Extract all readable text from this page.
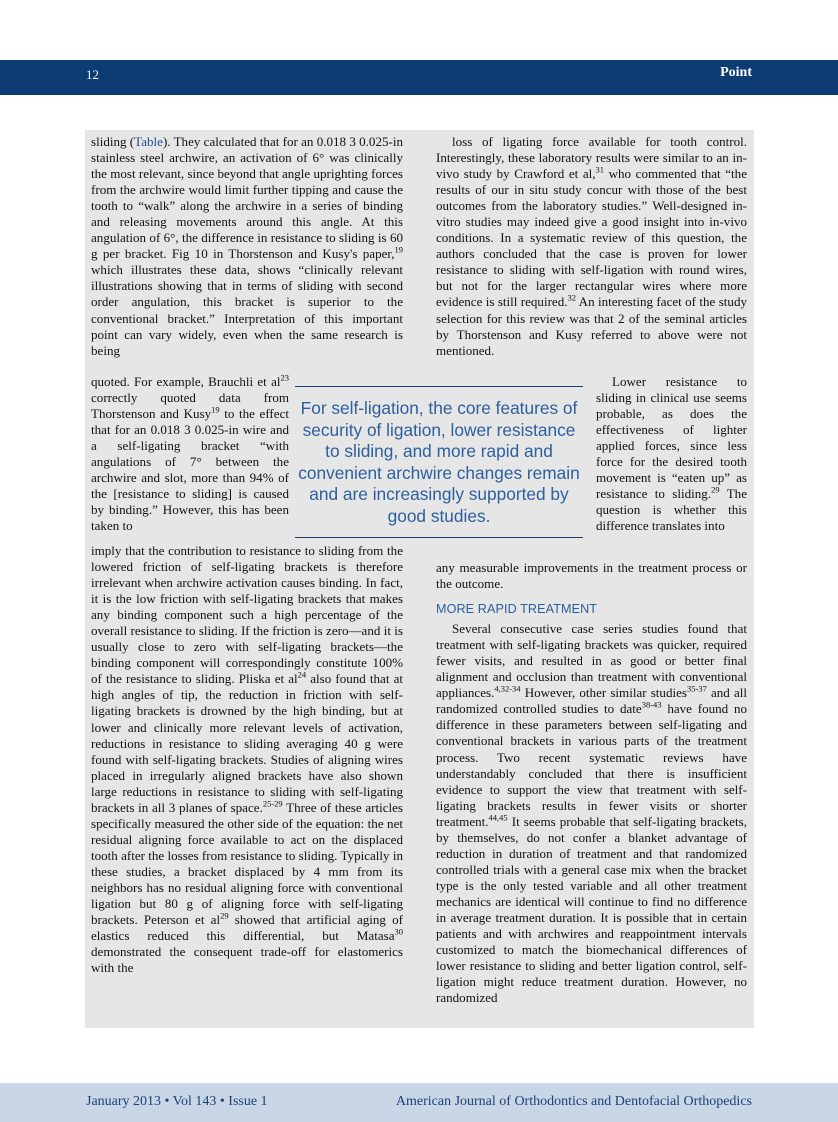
12	Point

sliding (Table). They calculated that for an 0.018 3 0.025-in stainless steel archwire, an activation of 6° was clinically the most relevant, since beyond that angle uprighting forces from the archwire would limit further tipping and cause the tooth to “walk” along the archwire in a series of binding and releasing movements around this angle. At this angulation of 6°, the difference in resistance to sliding is 60 g per bracket. Fig 10 in Thorstenson and Kusy's paper,$^{19}$ which illustrates these data, shows “clinically relevant illustrations showing that in terms of sliding with second order angulation, this bracket is superior to the conventional bracket.” Interpretation of this important point can vary widely, even when the same research is being

quoted. For example, Brauchli et $al^{23}$ correctly quoted data from Thorstenson and Kusy$^{19}$ to the effect that for an 0.018 3 0.025-in wire and a self-ligating bracket “with angulations of 7° between the archwire and slot, more than 94% of the [resistance to sliding] is caused by binding.” However, this has been taken to

imply that the contribution to resistance to sliding from the lowered friction of self-ligating brackets is therefore irrelevant when archwire activation causes binding. In fact, it is the low friction with self-ligating brackets that makes any binding component such a high percentage of the overall resistance to sliding. If the friction is zero—and it is usually close to zero with self-ligating brackets—the binding component will correspondingly constitute 100% of the resistance to sliding. Pliska et $al^{24}$ also found that at high angles of tip, the reduction in friction with self-ligating brackets is drowned by the high binding, but at lower and clinically more relevant levels of activation, reductions in resistance to sliding averaging 40 g were found with self-ligating brackets. Studies of aligning wires placed in irregularly aligned brackets have also shown large reductions in resistance to sliding with self-ligating brackets in all 3 planes of space.$^{25-29}$ Three of these articles specifically measured the other side of the equation: the net residual aligning force available to act on the displaced tooth after the losses from resistance to sliding. Typically in these studies, a bracket displaced by 4 mm from its neighbors has no residual aligning force with conventional ligation but 80 g of aligning force with self-ligating brackets. Peterson et $al^{29}$ showed that artificial aging of elastics reduced this differential, but Matasa$^{30}$ demonstrated the consequent trade-off for elastomerics with the

loss of ligating force available for tooth control. Interestingly, these laboratory results were similar to an in-vivo study by Crawford et al,$^{31}$ who commented that “the results of our in situ study concur with those of the best outcomes from the laboratory studies.” Well-designed in-vitro studies may indeed give a good insight into in-vivo conditions. In a systematic review of this question, the authors concluded that the case is proven for lower resistance to sliding with self-ligation with round wires, but not for the larger rectangular wires where more evidence is still required.$^{32}$ An interesting facet of the study selection for this review was that 2 of the seminal articles by Thorstenson and Kusy referred to above were not mentioned.

Lower resistance to sliding in clinical use seems probable, as does the effectiveness of lighter applied forces, since less force for the desired tooth movement is “eaten up” as resistance to sliding.$^{29}$ The question is whether this difference translates into

any measurable improvements in the treatment process or the outcome.

MORE RAPID TREATMENT

Several consecutive case series studies found that treatment with self-ligating brackets was quicker, required fewer visits, and resulted in as good or better final alignment and occlusion than treatment with conventional appliances.$^{4,32-34}$ However, other similar studies$^{35-37}$ and all randomized controlled studies to date$^{38-43}$ have found no difference in these parameters between self-ligating and conventional brackets in various parts of the treatment process. Two recent systematic reviews have understandably concluded that there is insufficient evidence to support the view that treatment with self-ligating brackets results in fewer visits or shorter treatment.$^{44,45}$ It seems probable that self-ligating brackets, by themselves, do not confer a blanket advantage of reduction in duration of treatment and that randomized controlled trials with a general case mix when the bracket type is the only tested variable and all other treatment mechanics are identical will continue to find no difference in average treatment duration. It is possible that in certain patients and with archwires and reappointment intervals customized to match the biomechanical differences of lower resistance to sliding and better ligation control, self-ligation might reduce treatment duration. However, no randomized

For self-ligation, the core features of security of ligation, lower resistance to sliding, and more rapid and convenient archwire changes remain and are increasingly supported by good studies.
January 2013 • Vol 143 • Issue 1	American Journal of Orthodontics and Dentofacial Orthopedics
